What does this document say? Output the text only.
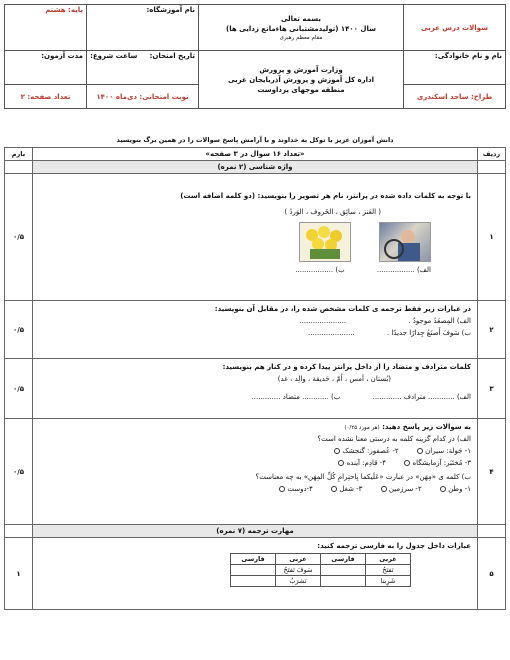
سوالات درس عربی	بسمه تعالی
سال ۱۴۰۰ (تولیدمشتبانی هاءمانع زدایی ها)
مقام معظم رهبری	نام آموزشگاه:	پایه: هشتم
نام و نام خانوادگی:	وزارت آموزش و پرورش
اداره کل آموزش و پرورش آذربایجان غربی
منطقه موجهای پرداوست	تاریخ امتحان:     ساعت شروع:	مدت آزمون:
طراح: ساجد اسکندری		نوبت امتحانی: دی‌ماه ۱۴۰۰	تعداد صفحه: ۲
دانش آموزان عزیز با توکل به خداوند و با آرامش پاسخ سوالات را در همین برگ بنویسید
ردیف	«تعداد ۱۶ سوال در ۳ صفحه»	بارم
	واژه شناسی (۲ نمره)	
۱	
با توجه به کلمات داده شده در پرانتز، نام هر تصویر را بنویسید: (دو کلمه اضافه است)
( العَنز ، سائِق ، الخَروف ، الوَردُ )

الف) ................. ب) .................
	۰/۵
۲	
در عبارات زیر فقط ترجمه ی کلمات مشخص شده را، در مقابل آن بنویسید:
الف) المِصعَدُ موجودٌ . .....................
ب) سَوفَ أَصنَعُ جِدارًا جدیدًا . .....................
	۰/۵
۳	
کلمات مترادف و متضاد را از داخل پرانتز پیدا کرده و در کنار هم بنویسید:
(بُستان ، أمس ، اُمّ ، حَدیقة ، والِد ، غد)
الف) ............ مترادف ............. ب) ............ متضاد .............
	۰/۵
۴	
به سوالات زیر پاسخ دهید: (هر مورد ۰/۲۵)
الف) در کدام گزینه کلمه به درستی معنا نشده است؟
۱- جَولة: سیران  ۲- عُصفور: گنجشک
۳- مُختَبَر: آزمایشگاه  ۴- قادِم: آینده
ب) کلمه ی «مِهَن» در عبارت «عَلَیکما بِاحتِرامِ کُلِّ المِهَن» به چه معناست؟
۱- وطن  ۲- سرزمین  ۳- شغل  ۴-دوست
	۰/۵
	مهارت ترجمه (۷ نمره)	
۵	
عبارات داخل جدول را به فارسی ترجمه کنید:
عربی	فارسی	عربی	فارسی
نَفتَحُ		سَوفَ نَفتَحُ	
شَرِبنا		نَشرَبُ	
	۱
